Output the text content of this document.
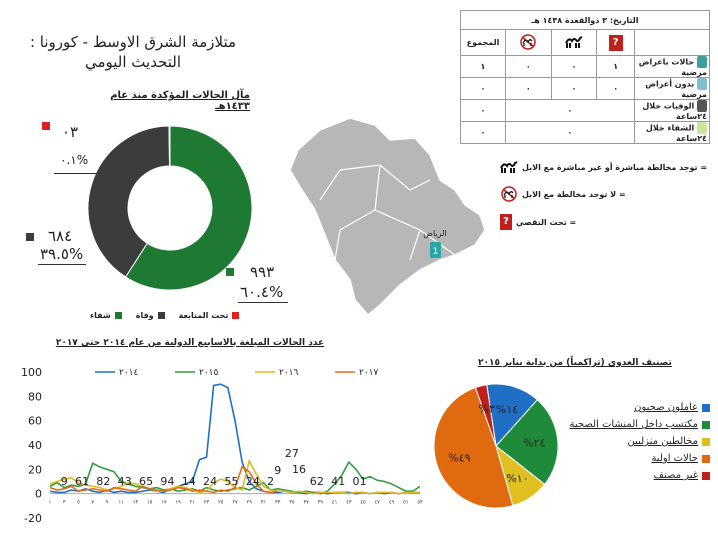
متلازمة الشرق الاوسط - كورونا :
التحديث اليومي
مآل الحالات المؤكدة منذ عام ١٤٣٣هـ
٠٣
%٠.١
٦٨٤
%٣٩.٥
٩٩٣
%٦٠.٤
شفاء	وفاة	تحت المتابعة
التاريخ: ٣ ذوالقعدة ١٤٣٨ هـ				
	?			المجموع
حالات باعراض مرضية	١	٠	٠	١
بدون أعراض مرضية	٠	٠	٠	٠
الوفيات خلال ٢٤ساعة	٠			٠
الشفاء خلال ٢٤ساعة	٠			٠
= توجد مخالطة مباشرة أو غير مباشرة مع الابل
= لا توجد مخالطة مع الابل
= تحت التقصي
?
الرياض
1
عدد الحالات المبلغة بالاسابيع الدولية من عام ٢٠١٤ حتى ٢٠١٧
-20
0
20
40
60
80
100
١ ٣ ٥ ٧ ٩ ١١ ١٣ ١٥ ١٧ ١٩ ٢١ ٢٣ ٢٥ ٢٧ ٢٩ ٣١ ٣٣ ٣٥ ٣٧ ٣٩ ٤١ ٤٣ ٤٥ ٤٧ ٤٩ ٥١ ٥٣
٢٠١٤	٢٠١٥	٢٠١٦	٢٠١٧
9 6 1 8 2 4 3 6 5 9 4 1 4 2 4 5 5 2 4 2
9
27
16
6 2 4 1 0 1
تصنيف العدوى (تراكمياً) من بداية يناير ٢٠١٥
%١٤
%٢٤
%١٠
%٤٩
%٣	عاملون صحيون
مكتسب داخل المنشات الصحية
مخالطين منزليين
حالات اولية
غير مصنف
